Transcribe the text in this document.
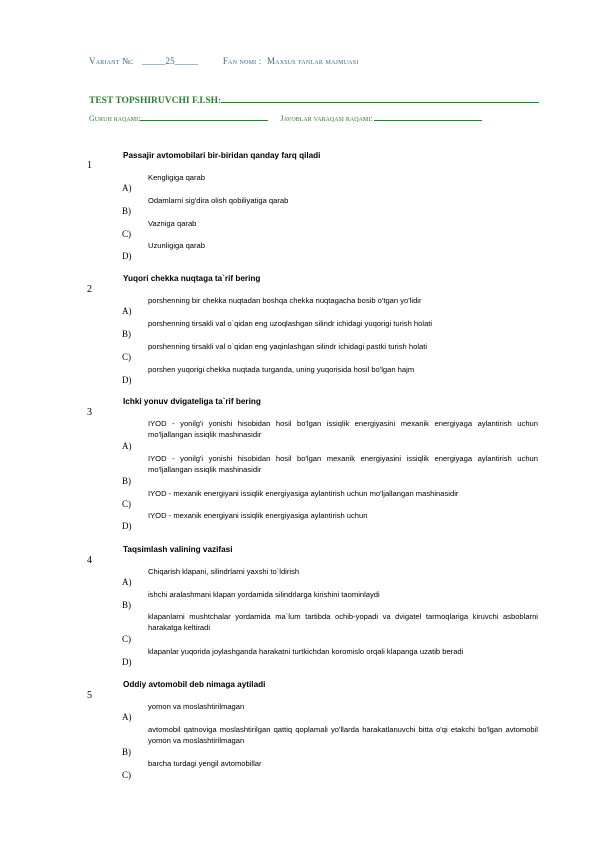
Variant №: _____25_____	Fan nomi : Maxsus fanlar majmuasi
TEST TOPSHIRUVCHI F.I.SH:
Guruh raqami:	Javoblar varaqasi raqami:
1
Passajir avtomobilari bir-biridan qanday farq qiladi
Kengligiga qarab
A)
Odamlarni sig'dira olish qobiliyatiga qarab
B)
Vazniga qarab
C)
Uzunligiga qarab
D)
2
Yuqori chekka nuqtaga ta`rif bering
porshenning bir chekka nuqtadan boshqa chekka nuqtagacha bosib o'tgan yo'lidir
A)
porshenning tirsakli val o`qidan eng uzoqlashgan silindr ichidagi yuqorigi turish holati
B)
porshenning tirsakli val o`qidan eng yaqinlashgan silindr ichidagi pastki turish holati
C)
porshen yuqorigi chekka nuqtada turganda, uning yuqorisida hosil bo'lgan hajm
D)
3
Ichki yonuv dvigateliga ta`rif bering
IYOD - yonilg'i yonishi hisobidan hosil bo'lgan issiqlik energiyasini mexanik energiyaga aylantirish uchun mo'ljallangan issiqlik mashinasidir
A)
IYOD - yonilg'i yonishi hisobidan hosil bo'lgan mexanik energiyasini issiqlik energiyaga aylantirish uchun mo'ljallangan issiqlik mashinasidir
B)
IYOD - mexanik energiyani issiqlik energiyasiga aylantirish uchun mo'ljallangan mashinasidir
C)
IYOD - mexanik energiyani issiqlik energiyasiga aylantirish uchun
D)
4
Taqsimlash valining vazifasi
Chiqarish klapani, silindrlarni yaxshi to`ldirish
A)
ishchi aralashmani klapan yordamida silindrlarga kirishini taominlaydi
B)
klapanlarni mushtchalar yordamida ma`lum tartibda ochib-yopadi va dvigatel tarmoqlariga kiruvchi asboblarni harakatga keltiradi
C)
klapanlar yuqorida joylashganda harakatni turtkichdan koromislo orqali klapanga uzatib beradi
D)
5
Oddiy avtomobil deb nimaga aytiladi
yomon va moslashtirilmagan
A)
avtomobil qatnoviga moslashtirilgan qattiq qoplamali yo'llarda harakatlanuvchi bitta o'qi etakchi bo'lgan avtomobil yomon va moslashtirilmagan
B)
barcha turdagi yengil avtomobillar
C)
